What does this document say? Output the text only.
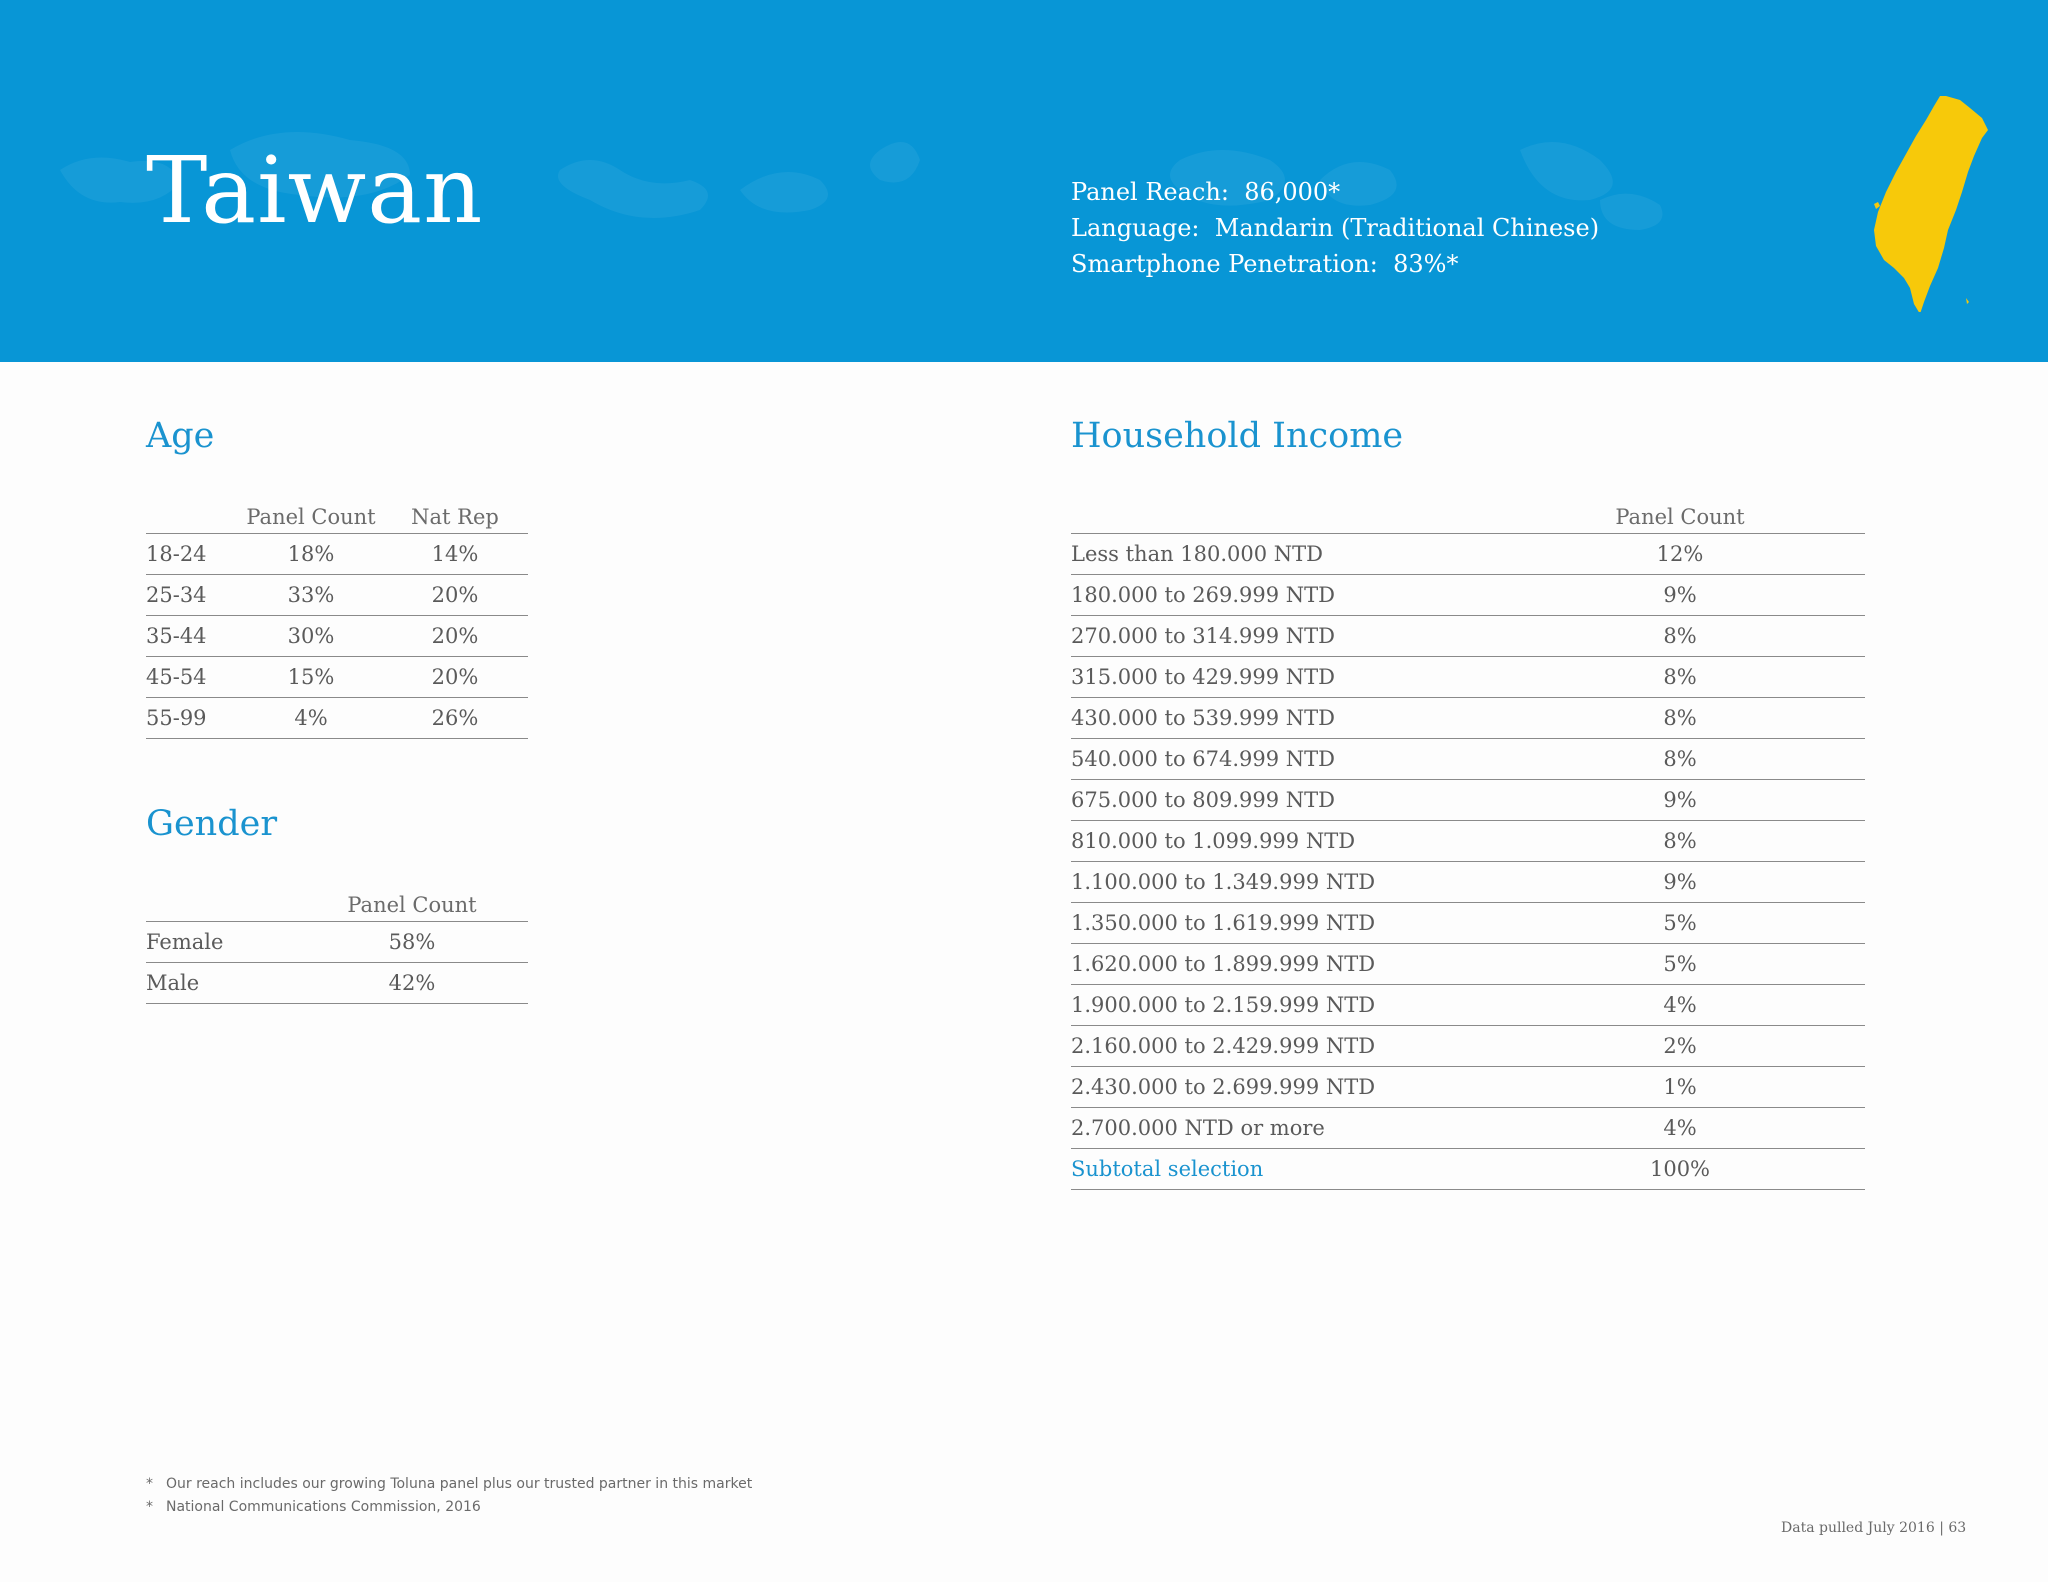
Taiwan	Panel Reach: 86,000*
Language: Mandarin (Traditional Chinese)
Smartphone Penetration: 83%*
Age
	Panel Count	Nat Rep
18-24	18%	14%
25-34	33%	20%
35-44	30%	20%
45-54	15%	20%
55-99	4%	26%
Gender
	Panel Count
Female	58%
Male	42%
Household Income
	Panel Count	
Less than 180.000 NTD	12%	
180.000 to 269.999 NTD	9%	
270.000 to 314.999 NTD	8%	
315.000 to 429.999 NTD	8%	
430.000 to 539.999 NTD	8%	
540.000 to 674.999 NTD	8%	
675.000 to 809.999 NTD	9%	
810.000 to 1.099.999 NTD	8%	
1.100.000 to 1.349.999 NTD	9%	
1.350.000 to 1.619.999 NTD	5%	
1.620.000 to 1.899.999 NTD	5%	
1.900.000 to 2.159.999 NTD	4%	
2.160.000 to 2.429.999 NTD	2%	
2.430.000 to 2.699.999 NTD	1%	
2.700.000 NTD or more	4%	
Subtotal selection	100%	
* Our reach includes our growing Toluna panel plus our trusted partner in this market
* National Communications Commission, 2016
Data pulled July 2016 | 63
